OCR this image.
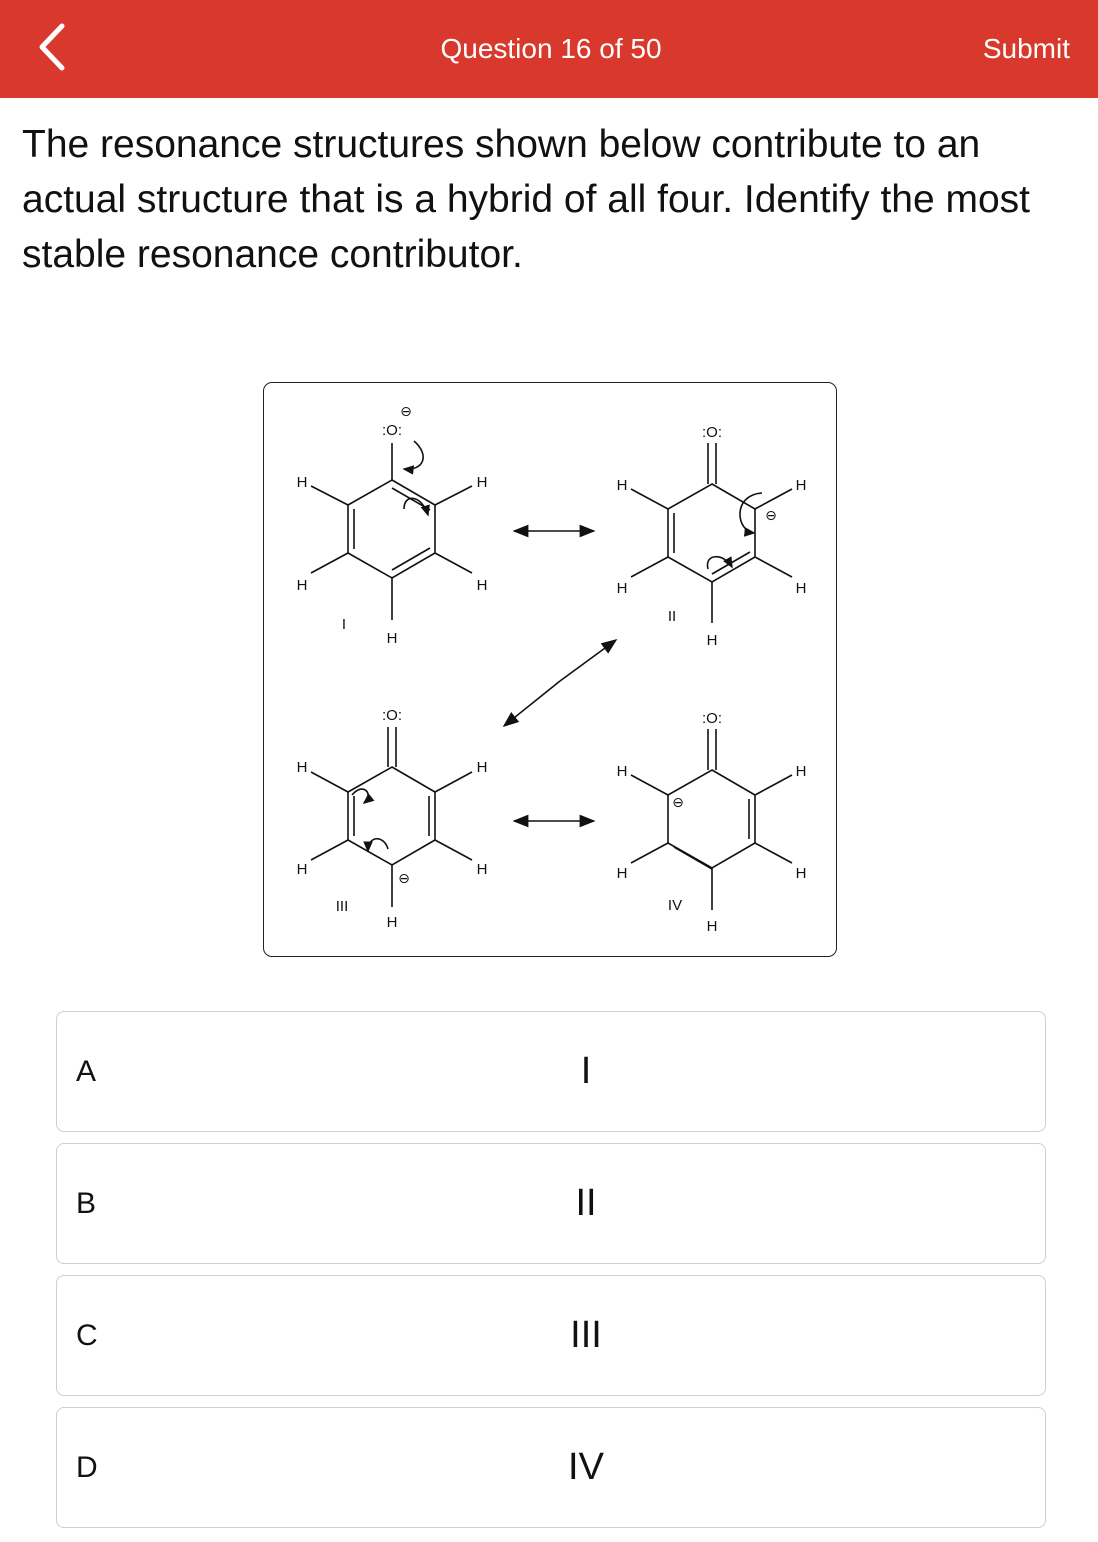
Question 16 of 50	Submit
The resonance structures shown below contribute to an actual structure that is a hybrid of all four. Identify the most stable resonance contributor.
:O:
⊖
H
H
H
H
H
I
:O:
⊖
H
H
H
H
H
II
:O:
⊖
H
H
H
H
H
III
:O:
⊖
H
H
H
H
H
IV
A	I
B	II
C	III
D	IV
